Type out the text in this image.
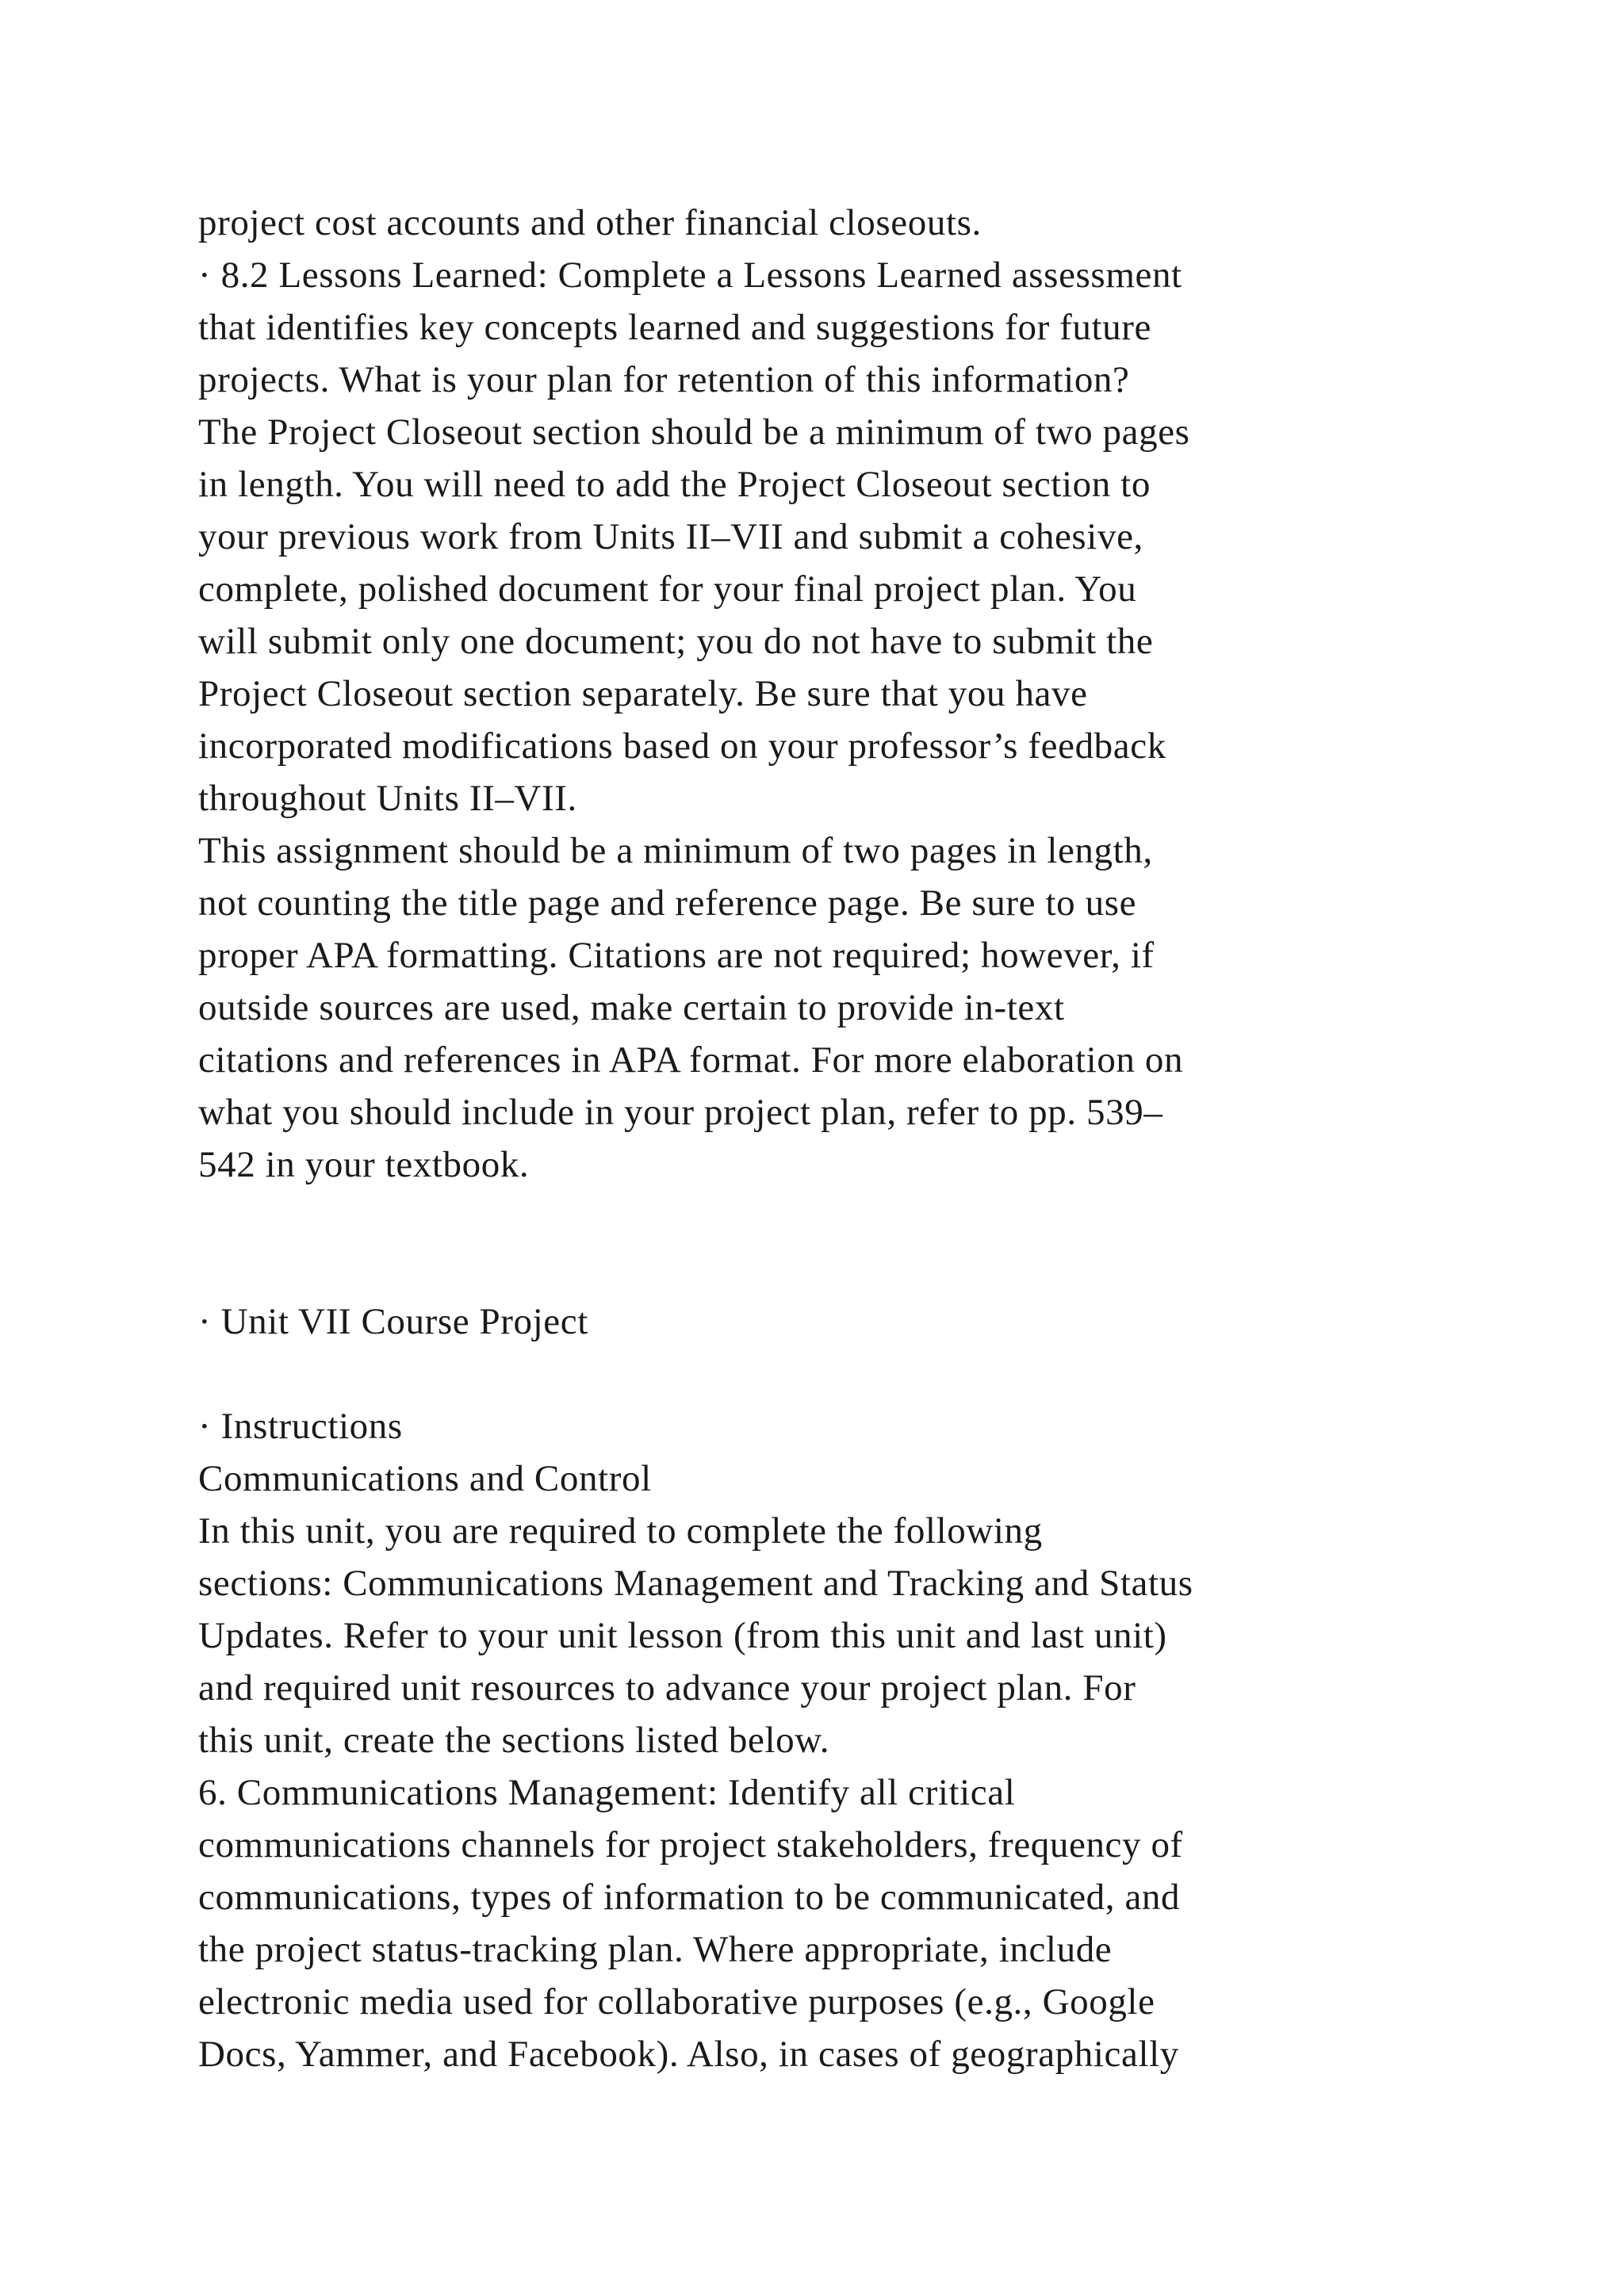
project cost accounts and other financial closeouts.
· 8.2 Lessons Learned: Complete a Lessons Learned assessment
that identifies key concepts learned and suggestions for future
projects. What is your plan for retention of this information?
The Project Closeout section should be a minimum of two pages
in length. You will need to add the Project Closeout section to
your previous work from Units II–VII and submit a cohesive,
complete, polished document for your final project plan. You
will submit only one document; you do not have to submit the
Project Closeout section separately. Be sure that you have
incorporated modifications based on your professor’s feedback
throughout Units II–VII.
This assignment should be a minimum of two pages in length,
not counting the title page and reference page. Be sure to use
proper APA formatting. Citations are not required; however, if
outside sources are used, make certain to provide in-text
citations and references in APA format. For more elaboration on
what you should include in your project plan, refer to pp. 539–
542 in your textbook.
· Unit VII Course Project
· Instructions
Communications and Control
In this unit, you are required to complete the following
sections: Communications Management and Tracking and Status
Updates. Refer to your unit lesson (from this unit and last unit)
and required unit resources to advance your project plan. For
this unit, create the sections listed below.
6. Communications Management: Identify all critical
communications channels for project stakeholders, frequency of
communications, types of information to be communicated, and
the project status-tracking plan. Where appropriate, include
electronic media used for collaborative purposes (e.g., Google
Docs, Yammer, and Facebook). Also, in cases of geographically
